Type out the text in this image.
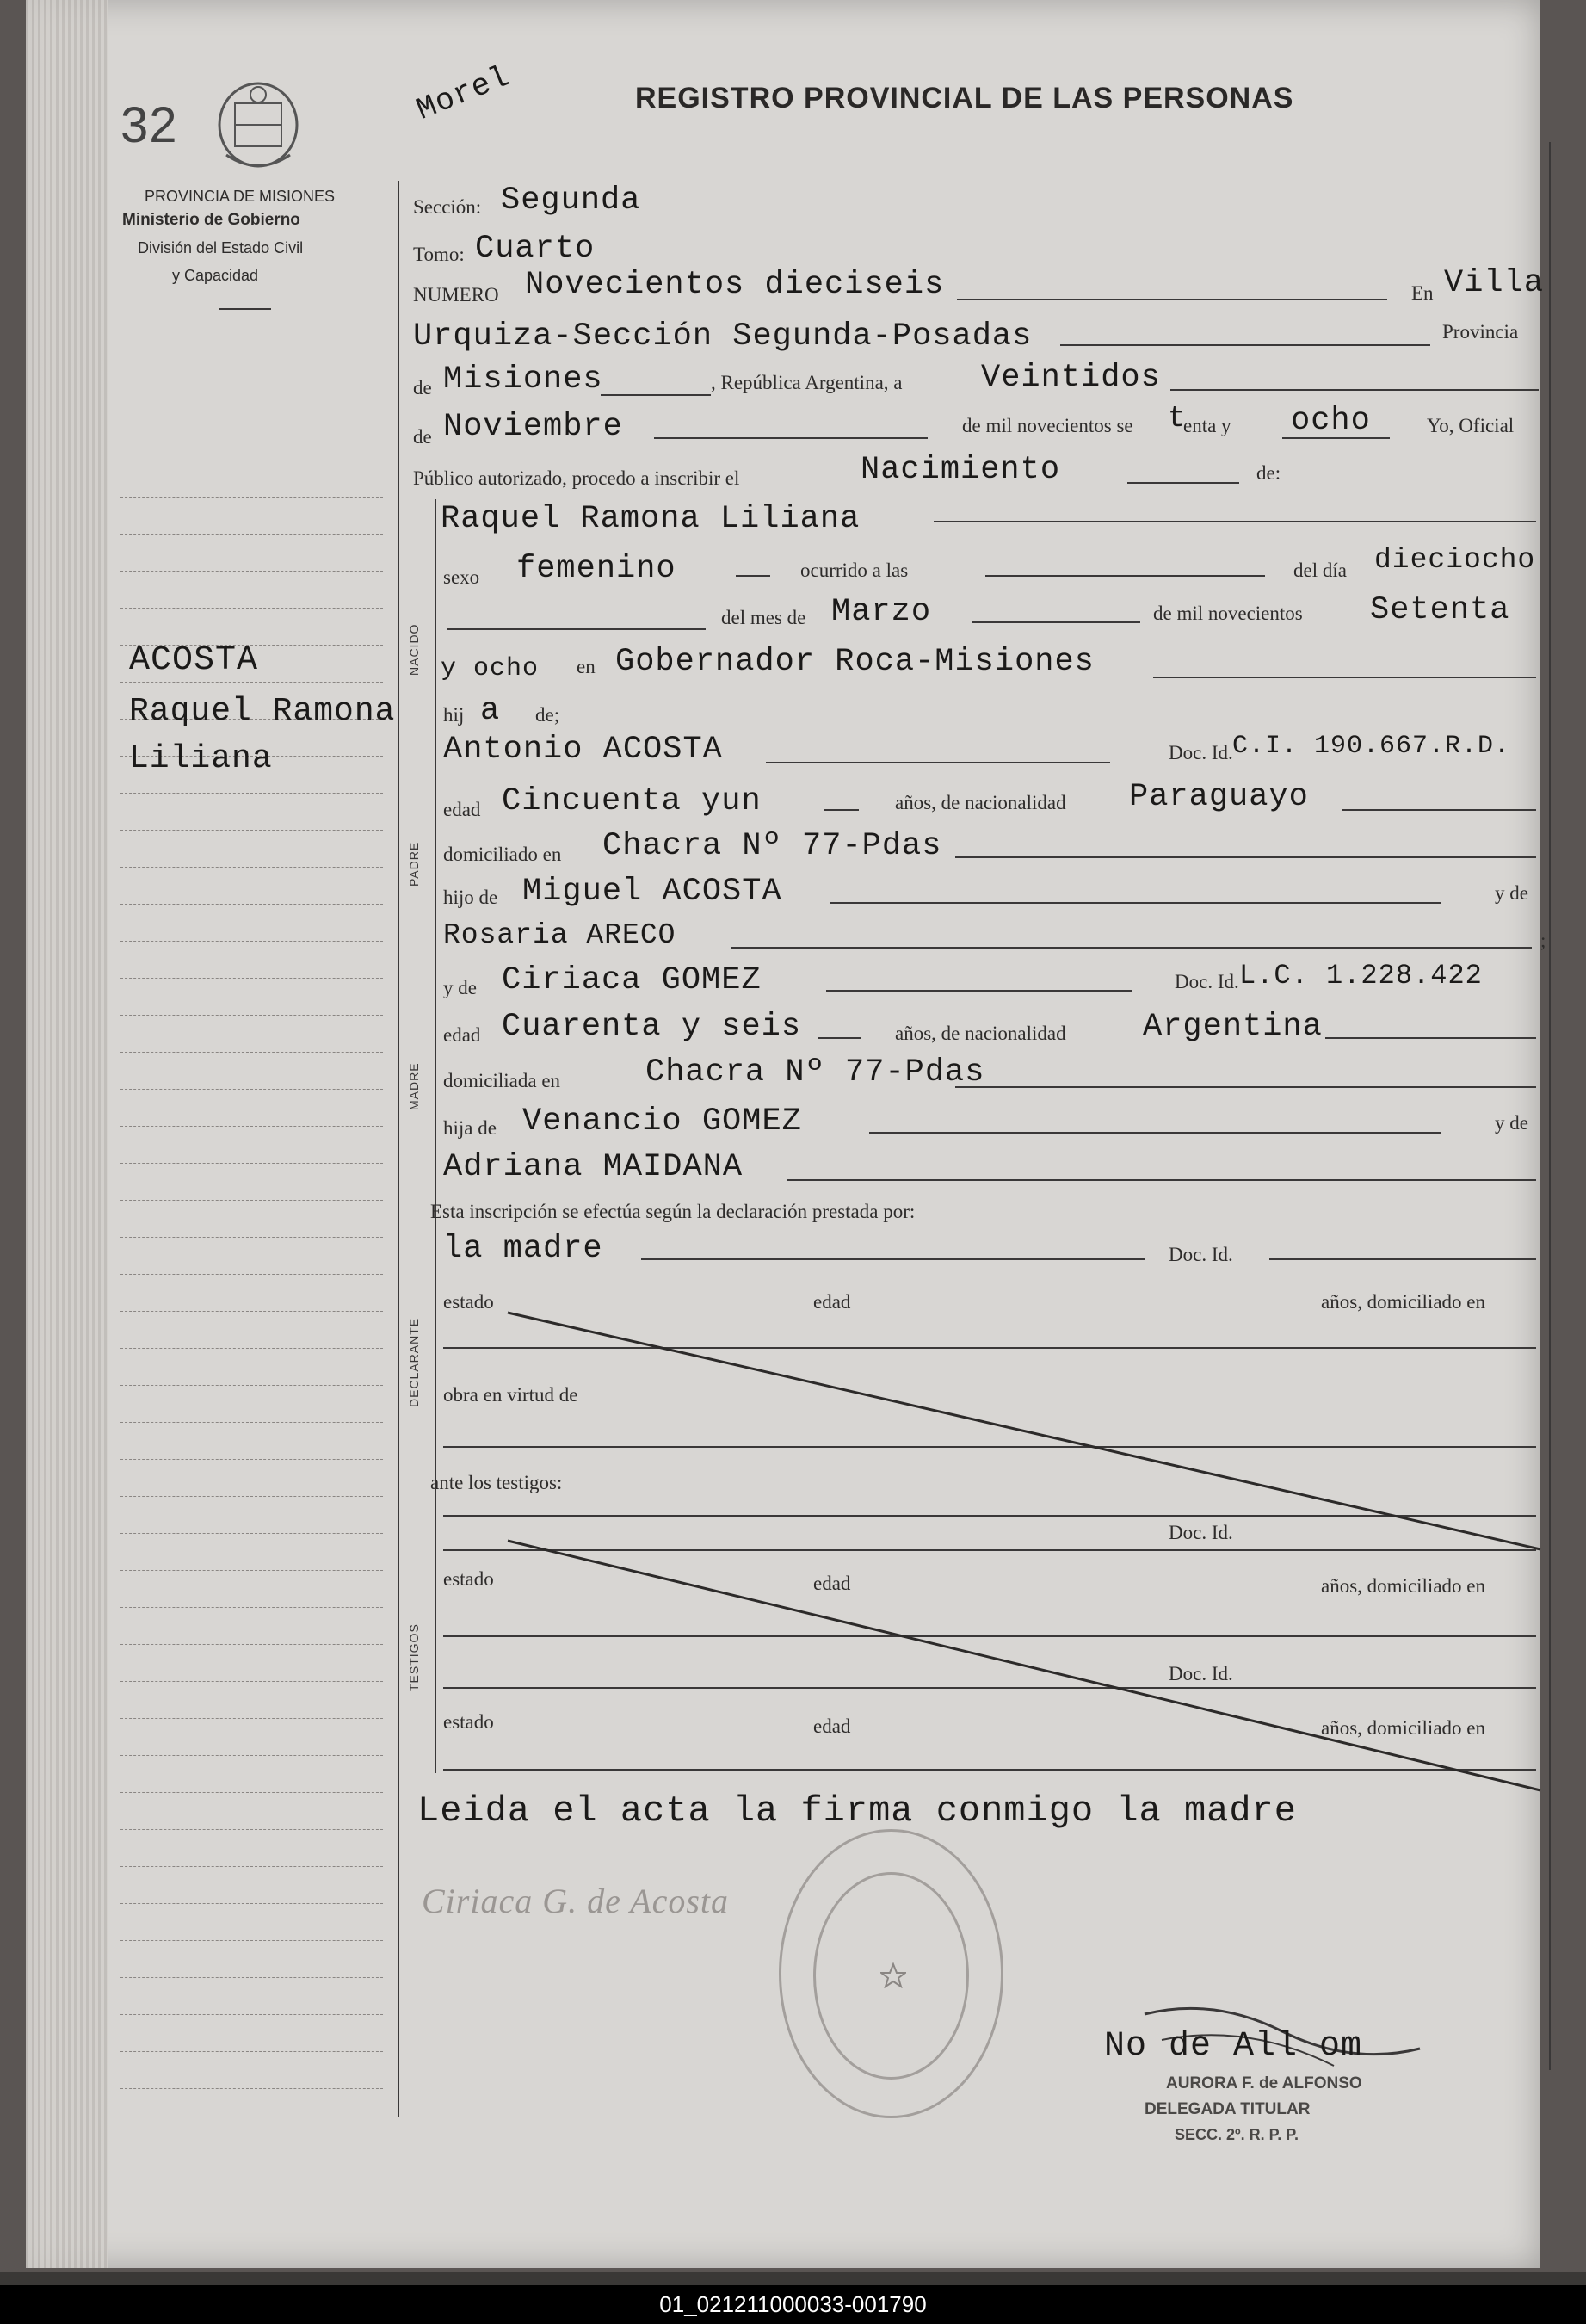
32	Morel	REGISTRO PROVINCIAL DE LAS PERSONAS
PROVINCIA DE MISIONES
Ministerio de Gobierno
División del Estado Civil
y Capacidad
ACOSTA
Raquel Ramona
Liliana
Sección: Segunda
Tomo: Cuarto
NUMERO Novecientos dieciseis	En Villa
Urquiza-Sección Segunda-Posadas	Provincia
de Misiones	, República Argentina, a Veintidos
de Noviembre	de mil novecientos se t
enta y ocho	Yo, Oficial
Público autorizado, procedo a inscribir el	Nacimiento	de:
NACIDO
Raquel Ramona Liliana
sexo femenino	ocurrido a las	del día dieciocho
del mes de Marzo	de mil novecientos Setenta
y ocho en Gobernador Roca-Misiones
hij a de;
PADRE
Antonio ACOSTA	Doc. Id. C.I. 190.667.R.D.
edad Cincuenta yun	años, de nacionalidad Paraguayo
domiciliado en Chacra Nº 77-Pdas
hijo de Miguel ACOSTA	y de
Rosaria ARECO	;
MADRE
y de Ciriaca GOMEZ	Doc. Id. L.C. 1.228.422
edad Cuarenta y seis	años, de nacionalidad Argentina
domiciliada en	Chacra Nº 77-Pdas
hija de Venancio GOMEZ	y de
Adriana MAIDANA
Esta inscripción se efectúa según la declaración prestada por:
DECLARANTE
la madre	Doc. Id.
estado	edad	años, domiciliado en
obra en virtud de
ante los testigos:
TESTIGOS
Doc. Id.
estado	edad	años, domiciliado en
Doc. Id.
estado	edad	años, domiciliado en
Leida el acta la firma conmigo la madre
Ciriaca G. de Acosta
No de All om
AURORA F. de ALFONSO
DELEGADA TITULAR
SECC. 2º. R. P. P.
01_021211000033-001790
